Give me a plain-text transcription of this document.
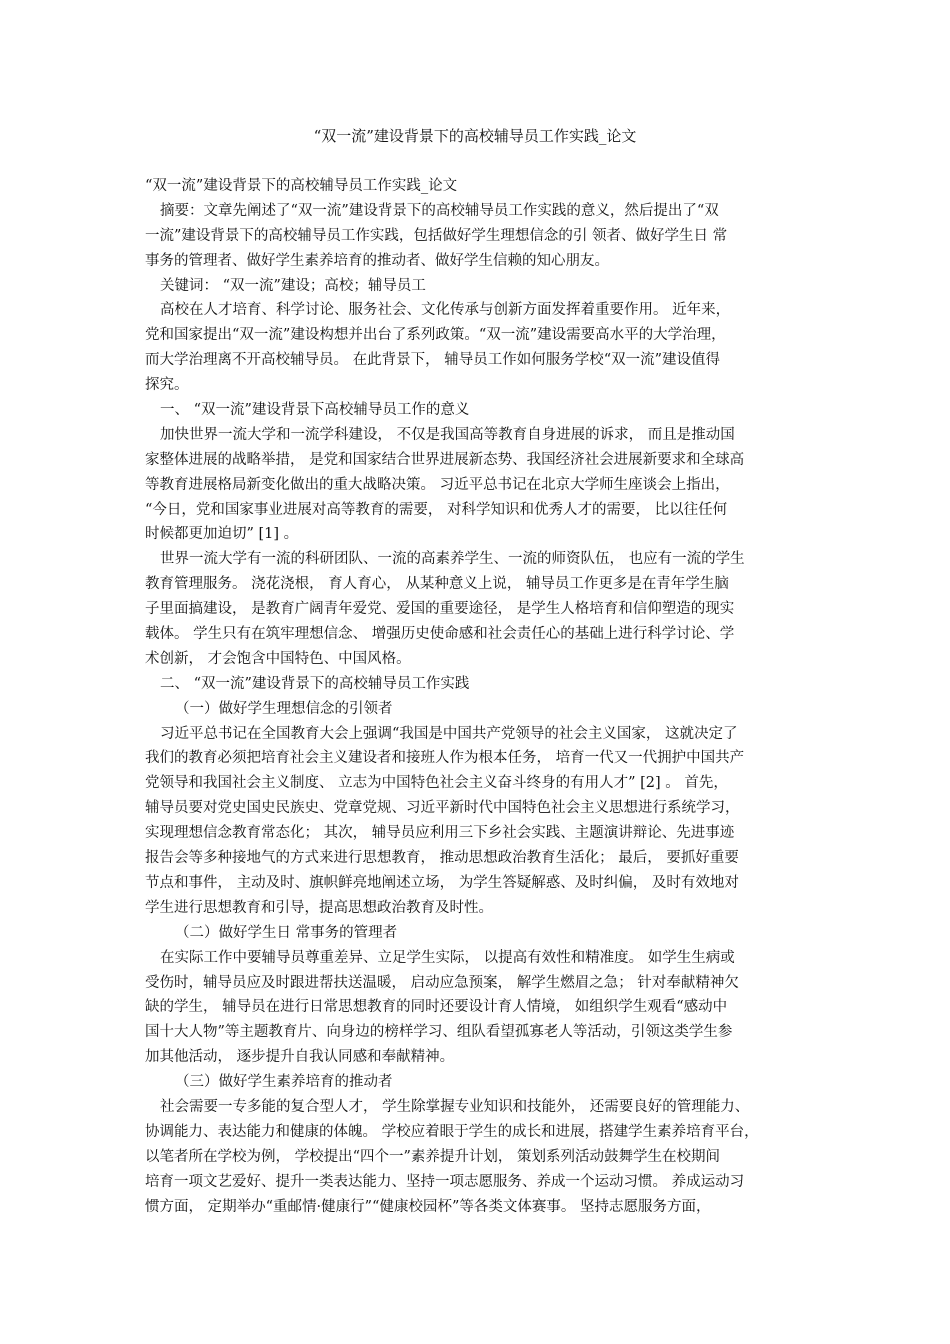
“双一流”建设背景下的高校辅导员工作实践_论文
“双一流”建设背景下的高校辅导员工作实践_论文
摘要：文章先阐述了“双一流”建设背景下的高校辅导员工作实践的意义，然后提出了“双
一流”建设背景下的高校辅导员工作实践，包括做好学生理想信念的引 领者、做好学生日 常
事务的管理者、做好学生素养培育的推动者、做好学生信赖的知心朋友。
关键词： “双一流”建设；高校；辅导员工
高校在人才培育、科学讨论、服务社会、文化传承与创新方面发挥着重要作用。 近年来，
党和国家提出“双一流”建设构想并出台了系列政策。“双一流”建设需要高水平的大学治理，
而大学治理离不开高校辅导员。 在此背景下， 辅导员工作如何服务学校“双一流”建设值得
探究。
一、 “双一流”建设背景下高校辅导员工作的意义
加快世界一流大学和一流学科建设， 不仅是我国高等教育自身进展的诉求， 而且是推动国
家整体进展的战略举措， 是党和国家结合世界进展新态势、我国经济社会进展新要求和全球高
等教育进展格局新变化做出的重大战略决策。 习近平总书记在北京大学师生座谈会上指出，
“今日，党和国家事业进展对高等教育的需要， 对科学知识和优秀人才的需要， 比以往任何
时候都更加迫切” [1] 。
世界一流大学有一流的科研团队、一流的高素养学生、一流的师资队伍， 也应有一流的学生
教育管理服务。 浇花浇根， 育人育心， 从某种意义上说， 辅导员工作更多是在青年学生脑
子里面搞建设， 是教育广阔青年爱党、爱国的重要途径， 是学生人格培育和信仰塑造的现实
载体。 学生只有在筑牢理想信念、 增强历史使命感和社会责任心的基础上进行科学讨论、学
术创新， 才会饱含中国特色、中国风格。
二、 “双一流”建设背景下的高校辅导员工作实践
（一）做好学生理想信念的引领者
习近平总书记在全国教育大会上强调“我国是中国共产党领导的社会主义国家， 这就决定了
我们的教育必须把培育社会主义建设者和接班人作为根本任务， 培育一代又一代拥护中国共产
党领导和我国社会主义制度、 立志为中国特色社会主义奋斗终身的有用人才” [2] 。 首先，
辅导员要对党史国史民族史、党章党规、习近平新时代中国特色社会主义思想进行系统学习，
实现理想信念教育常态化； 其次， 辅导员应利用三下乡社会实践、主题演讲辩论、先进事迹
报告会等多种接地气的方式来进行思想教育， 推动思想政治教育生活化； 最后， 要抓好重要
节点和事件， 主动及时、旗帜鲜亮地阐述立场， 为学生答疑解惑、及时纠偏， 及时有效地对
学生进行思想教育和引导，提高思想政治教育及时性。
（二）做好学生日 常事务的管理者
在实际工作中要辅导员尊重差异、立足学生实际， 以提高有效性和精准度。 如学生生病或
受伤时，辅导员应及时跟进帮扶送温暖， 启动应急预案， 解学生燃眉之急； 针对奉献精神欠
缺的学生， 辅导员在进行日常思想教育的同时还要设计育人情境， 如组织学生观看“感动中
国十大人物”等主题教育片、向身边的榜样学习、组队看望孤寡老人等活动，引领这类学生参
加其他活动， 逐步提升自我认同感和奉献精神。
（三）做好学生素养培育的推动者
社会需要一专多能的复合型人才， 学生除掌握专业知识和技能外， 还需要良好的管理能力、
协调能力、表达能力和健康的体魄。 学校应着眼于学生的成长和进展，搭建学生素养培育平台，
以笔者所在学校为例， 学校提出“四个一”素养提升计划， 策划系列活动鼓舞学生在校期间
培育一项文艺爱好、提升一类表达能力、坚持一项志愿服务、养成一个运动习惯。 养成运动习
惯方面， 定期举办“重邮情·健康行”“健康校园杯”等各类文体赛事。 坚持志愿服务方面，
